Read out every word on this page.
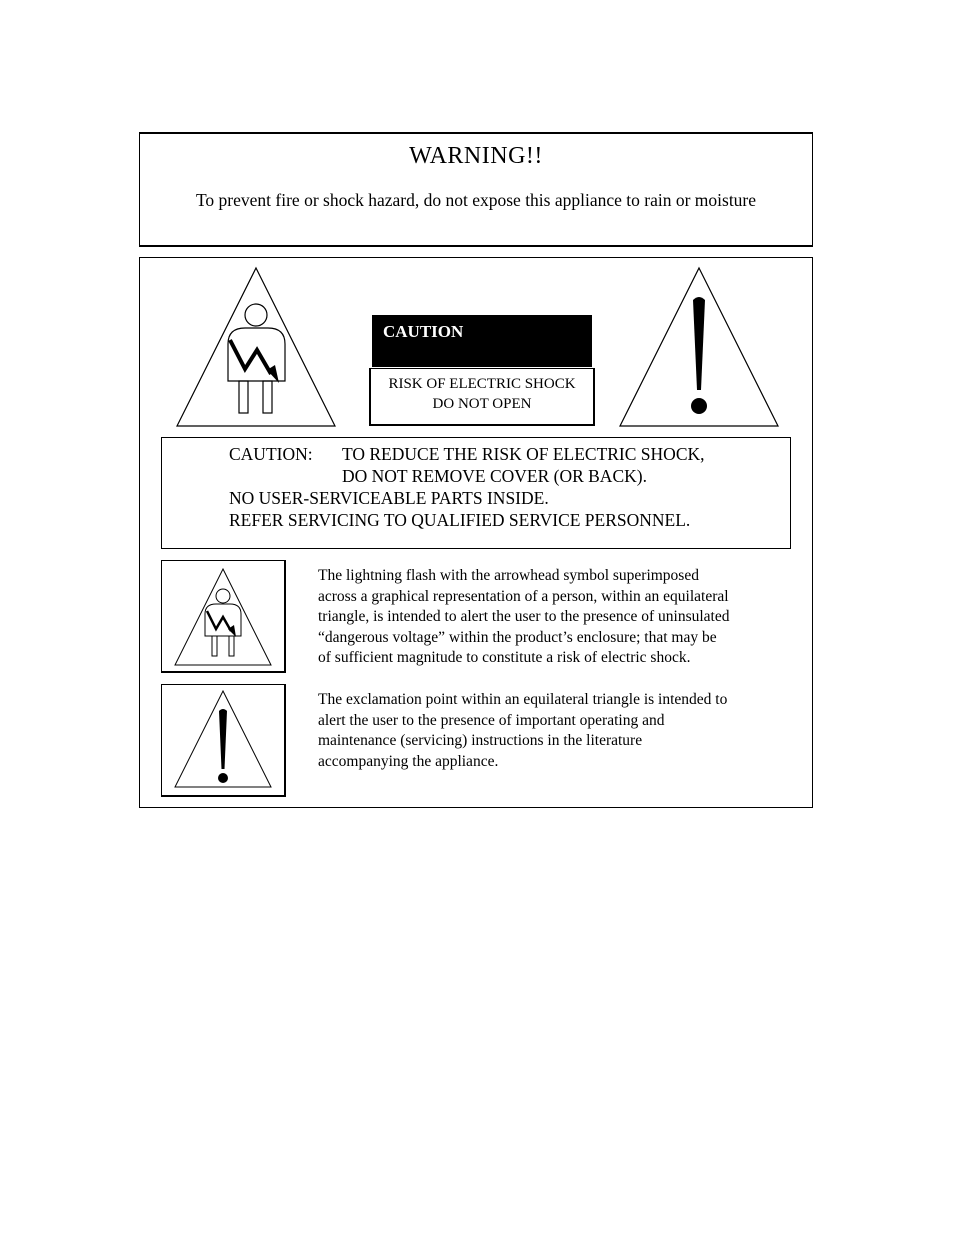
WARNING!!
To prevent fire or shock hazard, do not expose this appliance to rain or moisture
CAUTION
RISK OF ELECTRIC SHOCK
DO NOT OPEN
CAUTION: TO REDUCE THE RISK OF ELECTRIC SHOCK,
DO NOT REMOVE COVER (OR BACK).
NO USER-SERVICEABLE PARTS INSIDE.
REFER SERVICING TO QUALIFIED SERVICE PERSONNEL.
The lightning flash with the arrowhead symbol superimposed
across a graphical representation of a person, within an equilateral
triangle, is intended to alert the user to the presence of uninsulated
“dangerous voltage” within the product’s enclosure; that may be
of sufficient magnitude to constitute a risk of electric shock.
The exclamation point within an equilateral triangle is intended to
alert the user to the presence of important operating and
maintenance (servicing) instructions in the literature
accompanying the appliance.
